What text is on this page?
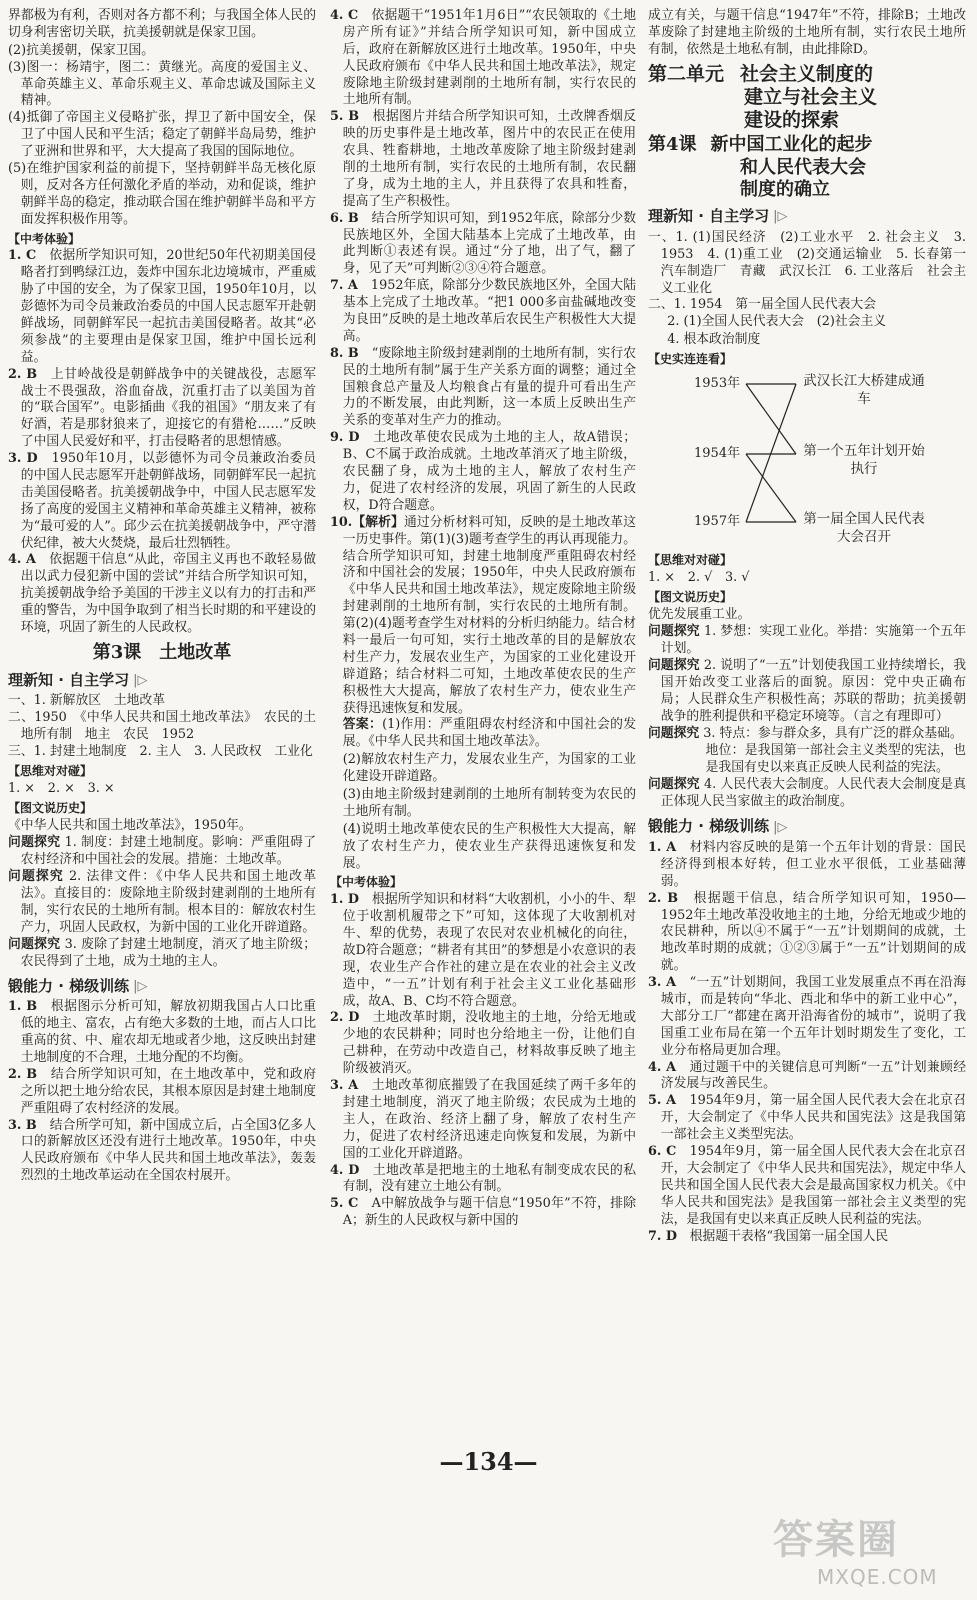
界都极为有利，否则对各方都不利；与我国全体人民的切身利害密切关联，抗美援朝就是保家卫国。

(2)抗美援朝，保家卫国。

(3)图一：杨靖宇，图二：黄继光。高度的爱国主义、革命英雄主义、革命乐观主义、革命忠诚及国际主义精神。

(4)抵御了帝国主义侵略扩张，捍卫了新中国安全，保卫了中国人民和平生活；稳定了朝鲜半岛局势，维护了亚洲和世界和平，大大提高了我国的国际地位。

(5)在维护国家利益的前提下，坚持朝鲜半岛无核化原则，反对各方任何激化矛盾的举动，劝和促谈，维护朝鲜半岛的稳定，推动联合国在维护朝鲜半岛和平方面发挥积极作用等。

【中考体验】

1. C　 依据所学知识可知，20世纪50年代初期美国侵略者打到鸭绿江边，轰炸中国东北边境城市，严重威胁了中国的安全，为了保家卫国，1950年10月，以彭德怀为司令员兼政治委员的中国人民志愿军开赴朝鲜战场，同朝鲜军民一起抗击美国侵略者。故其“必须参战”的主要理由是保家卫国，维护中国长远利益。

2. B　 上甘岭战役是朝鲜战争中的关键战役，志愿军战士不畏强敌，浴血奋战，沉重打击了以美国为首的“联合国军”。电影插曲《我的祖国》“朋友来了有好酒，若是那豺狼来了，迎接它的有猎枪……”反映了中国人民爱好和平，打击侵略者的思想情感。

3. D　 1950年10月，以彭德怀为司令员兼政治委员的中国人民志愿军开赴朝鲜战场，同朝鲜军民一起抗击美国侵略者。抗美援朝战争中，中国人民志愿军发扬了高度的爱国主义精神和革命英雄主义精神，被称为“最可爱的人”。邱少云在抗美援朝战争中，严守潜伏纪律，被大火焚烧，最后壮烈牺牲。

4. A　 依据题干信息“从此，帝国主义再也不敢轻易做出以武力侵犯新中国的尝试”并结合所学知识可知，抗美援朝战争给予美国的干涉主义以有力的打击和严重的警告，为中国争取到了相当长时期的和平建设的环境，巩固了新生的人民政权。

第3课　土地改革
理新知 · 自主学习 |▷

一、1. 新解放区　土地改革

二、1950　《中华人民共和国土地改革法》　农民的土地所有制　地主　农民　1952

三、1. 封建土地制度　2. 主人　3. 人民政权　工业化

【思维对对碰】

1. ×　2. ×　3. ×

【图文说历史】

《中华人民共和国土地改革法》，1950年。

问题探究 1. 制度：封建土地制度。影响：严重阻碍了农村经济和中国社会的发展。措施：土地改革。

问题探究 2. 法律文件：《中华人民共和国土地改革法》。直接目的：废除地主阶级封建剥削的土地所有制，实行农民的土地所有制。根本目的：解放农村生产力，巩固人民政权，为新中国的工业化开辟道路。

问题探究 3. 废除了封建土地制度，消灭了地主阶级；农民得到了土地，成为土地的主人。

锻能力 · 梯级训练 |▷

1. B　 根据图示分析可知，解放初期我国占人口比重低的地主、富农，占有绝大多数的土地，而占人口比重高的贫、中、雇农却无地或者少地，这反映出封建土地制度的不合理，土地分配的不均衡。

2. B　 结合所学知识可知，在土地改革中，党和政府之所以把土地分给农民，其根本原因是封建土地制度严重阻碍了农村经济的发展。

3. B　 结合所学可知，新中国成立后，占全国3亿多人口的新解放区还没有进行土地改革。1950年，中央人民政府颁布《中华人民共和国土地改革法》，轰轰烈烈的土地改革运动在全国农村展开。

4. C　 依据题干“1951年1月6日”“农民领取的《土地房产所有证》”并结合所学知识可知，新中国成立后，政府在新解放区进行土地改革。1950年，中央人民政府颁布《中华人民共和国土地改革法》，规定废除地主阶级封建剥削的土地所有制，实行农民的土地所有制。

5. B　 根据图片并结合所学知识可知，土改牌香烟反映的历史事件是土地改革，图片中的农民正在使用农具、牲畜耕地，土地改革废除了地主阶级封建剥削的土地所有制，实行农民的土地所有制，农民翻了身，成为土地的主人，并且获得了农具和牲畜，提高了生产积极性。

6. B　 结合所学知识可知，到1952年底，除部分少数民族地区外，全国大陆基本上完成了土地改革，由此判断①表述有误。通过“分了地，出了气，翻了身，见了天”可判断②③④符合题意。

7. A　 1952年底，除部分少数民族地区外，全国大陆基本上完成了土地改革。“把1 000多亩盐碱地改变为良田”反映的是土地改革后农民生产积极性大大提高。

8. B　 “废除地主阶级封建剥削的土地所有制，实行农民的土地所有制”属于生产关系方面的调整；通过全国粮食总产量及人均粮食占有量的提升可看出生产力的不断发展，由此判断，这一本质上反映出生产关系的变革对生产力的推动。

9. D　 土地改革使农民成为土地的主人，故A错误；B、C不属于政治成就。土地改革消灭了地主阶级，农民翻了身，成为土地的主人，解放了农村生产力，促进了农村经济的发展，巩固了新生的人民政权，D符合题意。

10.【解析】通过分析材料可知，反映的是土地改革这一历史事件。第(1)(3)题考查学生的再认再现能力。结合所学知识可知，封建土地制度严重阻碍农村经济和中国社会的发展；1950年，中央人民政府颁布《中华人民共和国土地改革法》，规定废除地主阶级封建剥削的土地所有制，实行农民的土地所有制。第(2)(4)题考查学生对材料的分析归纳能力。结合材料一最后一句可知，实行土地改革的目的是解放农村生产力，发展农业生产，为国家的工业化建设开辟道路；结合材料二可知，土地改革使农民的生产积极性大大提高，解放了农村生产力，使农业生产获得迅速恢复和发展。

答案：(1)作用：严重阻碍农村经济和中国社会的发展。《中华人民共和国土地改革法》。

(2)解放农村生产力，发展农业生产，为国家的工业化建设开辟道路。

(3)由地主阶级封建剥削的土地所有制转变为农民的土地所有制。

(4)说明土地改革使农民的生产积极性大大提高，解放了农村生产力，使农业生产获得迅速恢复和发展。

【中考体验】

1. D　 根据所学知识和材料“大收割机，小小的牛、犁位于收割机履带之下”可知，这体现了大收割机对牛、犁的优势，表现了农民对农业机械化的向往，故D符合题意；“耕者有其田”的梦想是小农意识的表现，农业生产合作社的建立是在农业的社会主义改造中，“一五”计划有利于社会主义工业化基础形成，故A、B、C均不符合题意。

2. D　 土地改革时期，没收地主的土地，分给无地或少地的农民耕种；同时也分给地主一份，让他们自己耕种，在劳动中改造自己，材料故事反映了地主阶级被消灭。

3. A　 土地改革彻底摧毁了在我国延续了两千多年的封建土地制度，消灭了地主阶级；农民成为土地的主人，在政治、经济上翻了身，解放了农村生产力，促进了农村经济迅速走向恢复和发展，为新中国的工业化开辟道路。

4. D　 土地改革是把地主的土地私有制变成农民的私有制，没有建立土地公有制。

5. C　 A中解放战争与题干信息“1950年”不符，排除A；新生的人民政权与新中国的

成立有关，与题干信息“1947年”不符，排除B；土地改革废除了封建地主阶级的土地所有制，实行农民土地所有制，依然是土地私有制，由此排除D。

第二单元 社会主义制度的
建立与社会主义
建设的探索
第4课 新中国工业化的起步
和人民代表大会
制度的确立
理新知 · 自主学习 |▷

一、1. (1)国民经济　(2)工业水平　2. 社会主义　3. 1953　4. (1)重工业　(2)交通运输业　5. 长春第一汽车制造厂　青藏　武汉长江　6. 工业落后　社会主义工业化

二、1. 1954　第一届全国人民代表大会

2. (1)全国人民代表大会　(2)社会主义

4. 根本政治制度

【史实连连看】
1953年
1954年
1957年
武汉长江大桥建成通车
第一个五年计划开始执行
第一届全国人民代表大会召开
【思维对对碰】

1. ×　2. √　3. √

【图文说历史】

优先发展重工业。

问题探究 1. 梦想：实现工业化。举措：实施第一个五年计划。

问题探究 2. 说明了“一五”计划使我国工业持续增长，我国开始改变工业落后的面貌。原因：党中央正确布局；人民群众生产积极性高；苏联的帮助；抗美援朝战争的胜利提供和平稳定环境等。（言之有理即可）

问题探究 3. 特点：参与群众多，具有广泛的群众基础。

地位：是我国第一部社会主义类型的宪法，也是我国有史以来真正反映人民利益的宪法。

问题探究 4. 人民代表大会制度。人民代表大会制度是真正体现人民当家做主的政治制度。

锻能力 · 梯级训练 |▷

1. A　 材料内容反映的是第一个五年计划的背景：国民经济得到根本好转，但工业水平很低，工业基础薄弱。

2. B　 根据题干信息，结合所学知识可知，1950—1952年土地改革没收地主的土地，分给无地或少地的农民耕种，所以④不属于“一五”计划期间的成就，土地改革时期的成就；①②③属于“一五”计划期间的成就。

3. A　 “一五”计划期间，我国工业发展重点不再在沿海城市，而是转向“华北、西北和华中的新工业中心”，大部分工厂“都建在离开沿海省份的城市”，说明了我国重工业布局在第一个五年计划时期发生了变化，工业分布格局更加合理。

4. A　 通过题干中的关键信息可判断“一五”计划兼顾经济发展与改善民生。

5. A　 1954年9月，第一届全国人民代表大会在北京召开，大会制定了《中华人民共和国宪法》这是我国第一部社会主义类型宪法。

6. C　 1954年9月，第一届全国人民代表大会在北京召开，大会制定了《中华人民共和国宪法》，规定中华人民共和国全国人民代表大会是最高国家权力机关。《中华人民共和国宪法》是我国第一部社会主义类型的宪法，是我国有史以来真正反映人民利益的宪法。

7. D　 根据题干表格“我国第一届全国人民

—134—
答案圈
MXQE.COM
